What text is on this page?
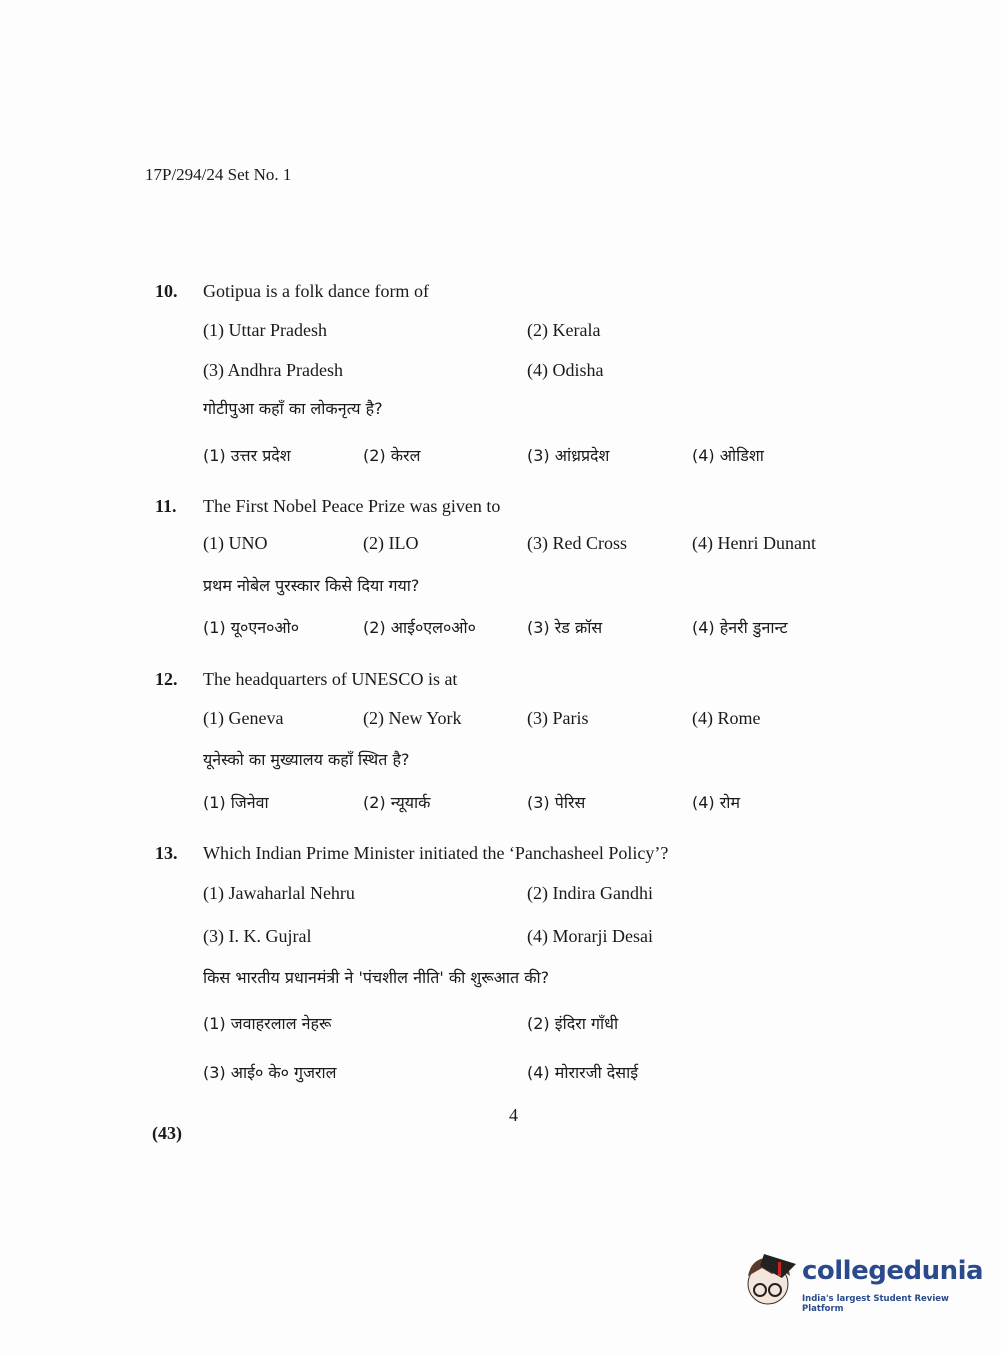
17P/294/24 Set No. 1
10. Gotipua is a folk dance form of
गोटीपुआ कहाँ का लोकनृत्य है?
(1) Uttar Pradesh	(2) Kerala
(3) Andhra Pradesh	(4) Odisha
(1) उत्तर प्रदेश	(2) केरल	(3) आंध्रप्रदेश	(4) ओडिशा
11. The First Nobel Peace Prize was given to
प्रथम नोबेल पुरस्कार किसे दिया गया?
(1) UNO	(2) ILO	(3) Red Cross	(4) Henri Dunant
(1) यू०एन०ओ०	(2) आई०एल०ओ०	(3) रेड क्रॉस	(4) हेनरी डुनान्ट
12. The headquarters of UNESCO is at
यूनेस्को का मुख्यालय कहाँ स्थित है?
(1) Geneva	(2) New York	(3) Paris	(4) Rome
(1) जिनेवा	(2) न्यूयार्क	(3) पेरिस	(4) रोम
13. Which Indian Prime Minister initiated the ‘Panchasheel Policy’?
किस भारतीय प्रधानमंत्री ने 'पंचशील नीति' की शुरूआत की?
(1) Jawaharlal Nehru	(2) Indira Gandhi
(3) I. K. Gujral	(4) Morarji Desai
(1) जवाहरलाल नेहरू	(2) इंदिरा गाँधी
(3) आई० के० गुजराल	(4) मोरारजी देसाई
4
(43)
collegedunia
India's largest Student Review Platform
